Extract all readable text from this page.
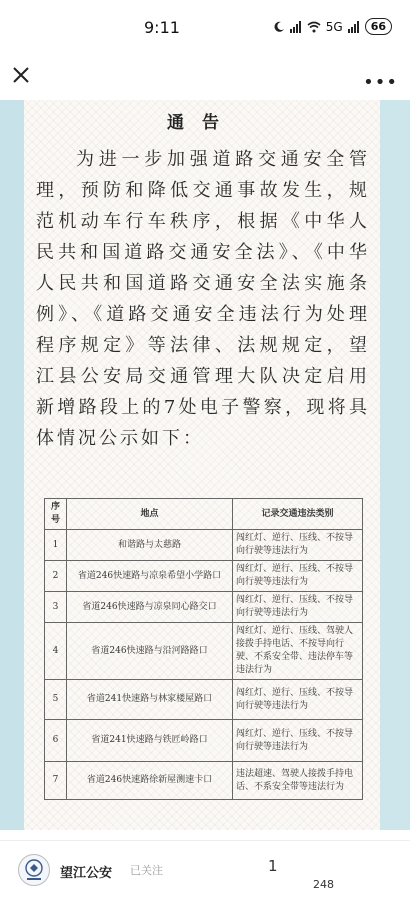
9:11	5G	66
•••
通告
为进一步加强道路交通安全管理，预防和降低交通事故发生，规范机动车行车秩序，根据《中华人民共和国道路交通安全法》、《中华人民共和国道路交通安全法实施条例》、《道路交通安全违法行为处理程序规定》等法律、法规规定，望江县公安局交通管理大队决定启用新增路段上的7处电子警察，现将具体情况公示如下：
序号	地点	记录交通违法类别
1	和谐路与太慈路	闯红灯、逆行、压线、不按导向行驶等违法行为
2	省道246快速路与凉泉希望小学路口	闯红灯、逆行、压线、不按导向行驶等违法行为
3	省道246快速路与凉泉同心路交口	闯红灯、逆行、压线、不按导向行驶等违法行为
4	省道246快速路与沿河路路口	闯红灯、逆行、压线、驾驶人接拨手持电话、不按导向行驶、不系安全带、违法停车等违法行为
5	省道241快速路与林家楼屋路口	闯红灯、逆行、压线、不按导向行驶等违法行为
6	省道241快速路与铁匠岭路口	闯红灯、逆行、压线、不按导向行驶等违法行为
7	省道246快速路徐新屋测速卡口	违法超速、驾驶人接拨手持电话、不系安全带等违法行为
望江公安 已关注	1
248
